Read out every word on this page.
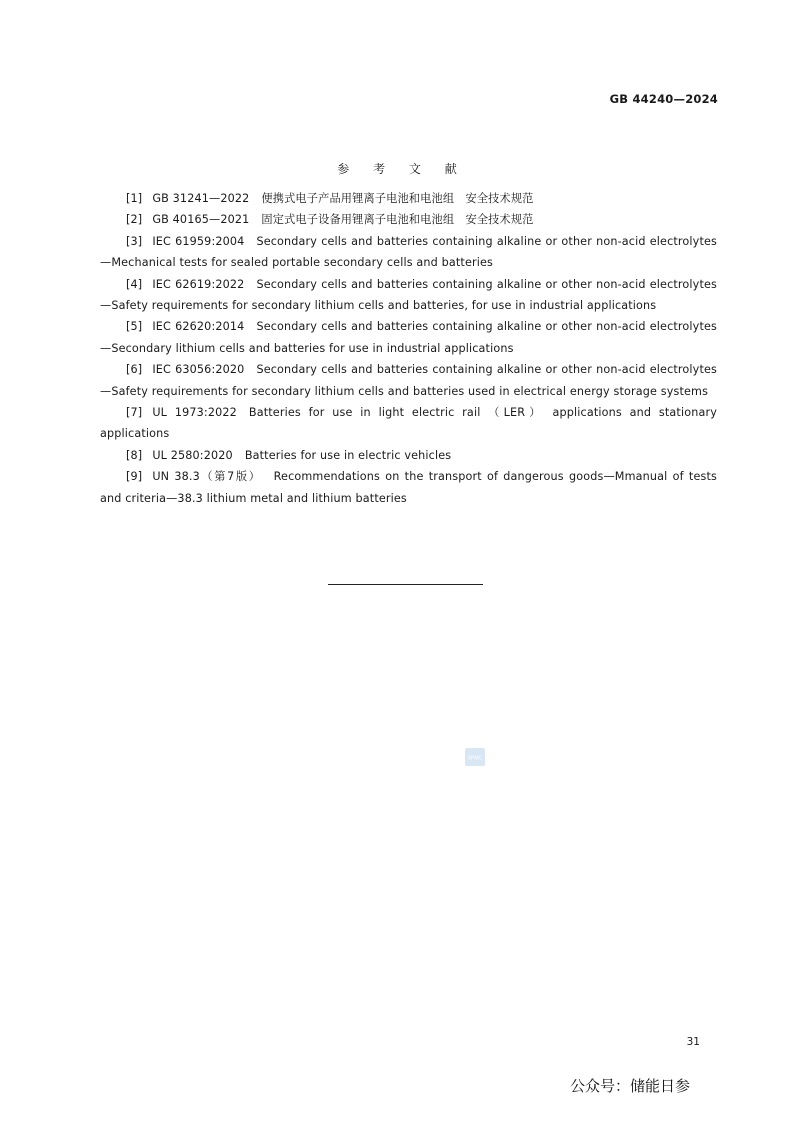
GB 44240—2024
参 考 文 献

[1] GB 31241—2022 便携式电子产品用锂离子电池和电池组　安全技术规范

[2] GB 40165—2021 固定式电子设备用锂离子电池和电池组　安全技术规范

[3] IEC 61959:2004 Secondary cells and batteries containing alkaline or other non-acid electrolytes—Mechanical tests for sealed portable secondary cells and batteries

[4] IEC 62619:2022 Secondary cells and batteries containing alkaline or other non-acid electrolytes—Safety requirements for secondary lithium cells and batteries, for use in industrial applications

[5] IEC 62620:2014 Secondary cells and batteries containing alkaline or other non-acid electrolytes—Secondary lithium cells and batteries for use in industrial applications

[6] IEC 63056:2020 Secondary cells and batteries containing alkaline or other non-acid electrolytes—Safety requirements for secondary lithium cells and batteries used in electrical energy storage systems

[7] UL 1973:2022 Batteries for use in light electric rail （LER） applications and stationary applications

[8] UL 2580:2020 Batteries for use in electric vehicles

[9] UN 38.3（第7版） Recommendations on the transport of dangerous goods—Mmanual of tests and criteria—38.3 lithium metal and lithium batteries

SPMC
31
公众号：储能日参
